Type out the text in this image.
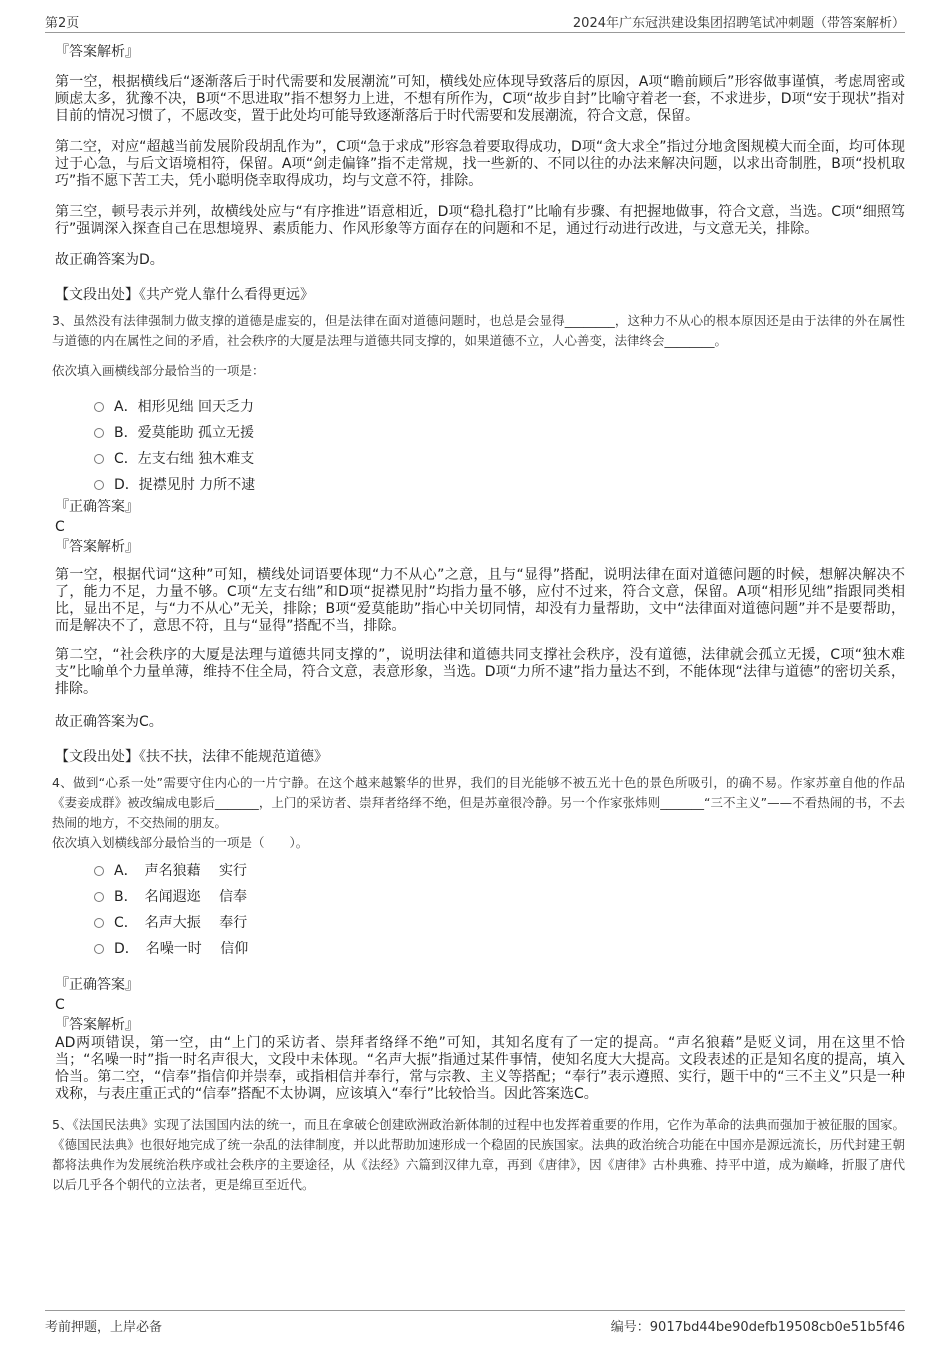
第2页	2024年广东冠洪建设集团招聘笔试冲刺题（带答案解析）
『答案解析』

第一空，根据横线后“逐渐落后于时代需要和发展潮流”可知，横线处应体现导致落后的原因，A项“瞻前顾后”形容做事谨慎，考虑周密或顾虑太多，犹豫不决，B项“不思进取”指不想努力上进，不想有所作为，C项“故步自封”比喻守着老一套，不求进步，D项“安于现状”指对目前的情况习惯了，不愿改变，置于此处均可能导致逐渐落后于时代需要和发展潮流，符合文意，保留。

第二空，对应“超越当前发展阶段胡乱作为”，C项“急于求成”形容急着要取得成功，D项“贪大求全”指过分地贪图规模大而全面，均可体现过于心急，与后文语境相符，保留。A项“剑走偏锋”指不走常规，找一些新的、不同以往的办法来解决问题，以求出奇制胜，B项“投机取巧”指不愿下苦工夫，凭小聪明侥幸取得成功，均与文意不符，排除。

第三空，顿号表示并列，故横线处应与“有序推进”语意相近，D项“稳扎稳打”比喻有步骤、有把握地做事，符合文意，当选。C项“细照笃行”强调深入探查自己在思想境界、素质能力、作风形象等方面存在的问题和不足，通过行动进行改进，与文意无关，排除。

故正确答案为D。

【文段出处】《共产党人靠什么看得更远》

3、虽然没有法律强制力做支撑的道德是虚妄的，但是法律在面对道德问题时，也总是会显得________，这种力不从心的根本原因还是由于法律的外在属性与道德的内在属性之间的矛盾，社会秩序的大厦是法理与道德共同支撑的，如果道德不立，人心善变，法律终会________。

依次填入画横线部分最恰当的一项是：

A．相形见绌 回天乏力
B．爱莫能助 孤立无援
C．左支右绌 独木难支
D．捉襟见肘 力所不逮
『正确答案』
C
『答案解析』

第一空，根据代词“这种”可知，横线处词语要体现“力不从心”之意，且与“显得”搭配，说明法律在面对道德问题的时候，想解决解决不了，能力不足，力量不够。C项“左支右绌”和D项“捉襟见肘”均指力量不够，应付不过来，符合文意，保留。A项“相形见绌”指跟同类相比，显出不足，与“力不从心”无关，排除；B项“爱莫能助”指心中关切同情，却没有力量帮助，文中“法律面对道德问题”并不是要帮助，而是解决不了，意思不符，且与“显得”搭配不当，排除。

第二空，“社会秩序的大厦是法理与道德共同支撑的”，说明法律和道德共同支撑社会秩序，没有道德，法律就会孤立无援，C项“独木难支”比喻单个力量单薄，维持不住全局，符合文意，表意形象，当选。D项“力所不逮”指力量达不到，不能体现“法律与道德”的密切关系，排除。

故正确答案为C。

【文段出处】《扶不扶，法律不能规范道德》

4、做到“心系一处”需要守住内心的一片宁静。在这个越来越繁华的世界，我们的目光能够不被五光十色的景色所吸引，的确不易。作家苏童自他的作品《妻妾成群》被改编成电影后_______，上门的采访者、崇拜者络绎不绝，但是苏童很冷静。另一个作家张炜则_______“三不主义”——不看热闹的书，不去热闹的地方，不交热闹的朋友。

依次填入划横线部分最恰当的一项是（　　）。

A．　声名狼藉　 实行
B．　名闻遐迩　 信奉
C．　名声大振　 奉行
D．　名噪一时　 信仰
『正确答案』
C
『答案解析』

AD两项错误，第一空，由“上门的采访者、崇拜者络绎不绝”可知，其知名度有了一定的提高。“声名狼藉”是贬义词，用在这里不恰当；“名噪一时”指一时名声很大，文段中未体现。“名声大振”指通过某件事情，使知名度大大提高。文段表述的正是知名度的提高，填入恰当。第二空，“信奉”指信仰并崇奉，或指相信并奉行，常与宗教、主义等搭配；“奉行”表示遵照、实行，题干中的“三不主义”只是一种戏称，与表庄重正式的“信奉”搭配不太协调，应该填入“奉行”比较恰当。因此答案选C。

5、《法国民法典》实现了法国国内法的统一，而且在拿破仑创建欧洲政治新体制的过程中也发挥着重要的作用，它作为革命的法典而强加于被征服的国家。《德国民法典》也很好地完成了统一杂乱的法律制度，并以此帮助加速形成一个稳固的民族国家。法典的政治统合功能在中国亦是源远流长，历代封建王朝都将法典作为发展统治秩序或社会秩序的主要途径，从《法经》六篇到汉律九章，再到《唐律》，因《唐律》古朴典雅、持平中道，成为巅峰，折服了唐代以后几乎各个朝代的立法者，更是绵亘至近代。

考前押题，上岸必备	编号：9017bd44be90defb19508cb0e51b5f46
